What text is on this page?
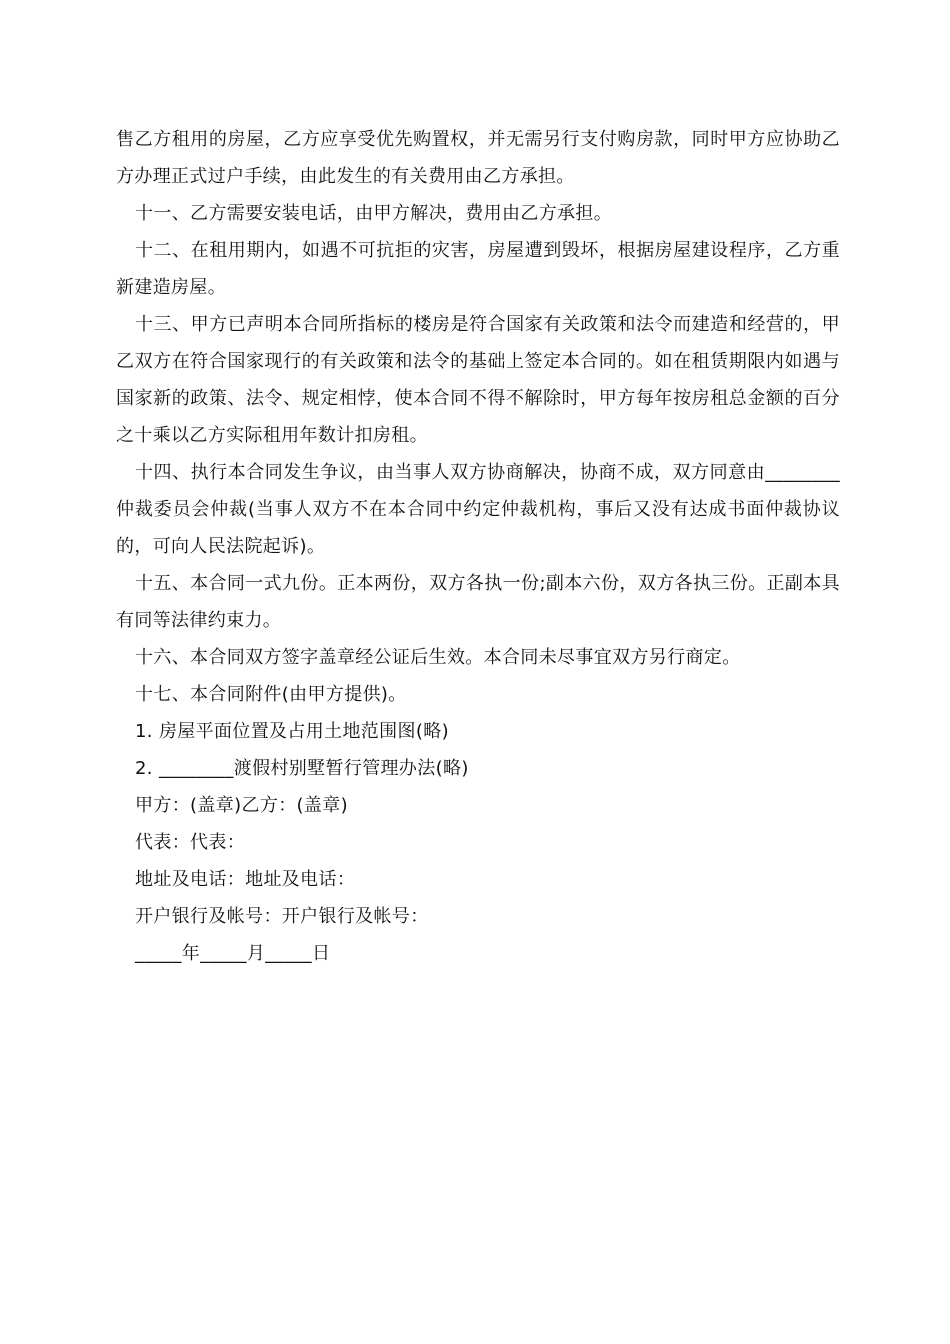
售乙方租用的房屋，乙方应享受优先购置权，并无需另行支付购房款，同时甲方应协助乙方办理正式过户手续，由此发生的有关费用由乙方承担。

十一、乙方需要安装电话，由甲方解决，费用由乙方承担。

十二、在租用期内，如遇不可抗拒的灾害，房屋遭到毁坏，根据房屋建设程序，乙方重新建造房屋。

十三、甲方已声明本合同所指标的楼房是符合国家有关政策和法令而建造和经营的，甲乙双方在符合国家现行的有关政策和法令的基础上签定本合同的。如在租赁期限内如遇与国家新的政策、法令、规定相悖，使本合同不得不解除时，甲方每年按房租总金额的百分之十乘以乙方实际租用年数计扣房租。

十四、执行本合同发生争议，由当事人双方协商解决，协商不成，双方同意由________仲裁委员会仲裁(当事人双方不在本合同中约定仲裁机构，事后又没有达成书面仲裁协议的，可向人民法院起诉)。

十五、本合同一式九份。正本两份，双方各执一份;副本六份，双方各执三份。正副本具有同等法律约束力。

十六、本合同双方签字盖章经公证后生效。本合同未尽事宜双方另行商定。

十七、本合同附件(由甲方提供)。

1. 房屋平面位置及占用土地范围图(略)

2. ________渡假村别墅暂行管理办法(略)

甲方：(盖章)乙方：(盖章)

代表：代表：

地址及电话：地址及电话：

开户银行及帐号：开户银行及帐号：

_____年_____月_____日
